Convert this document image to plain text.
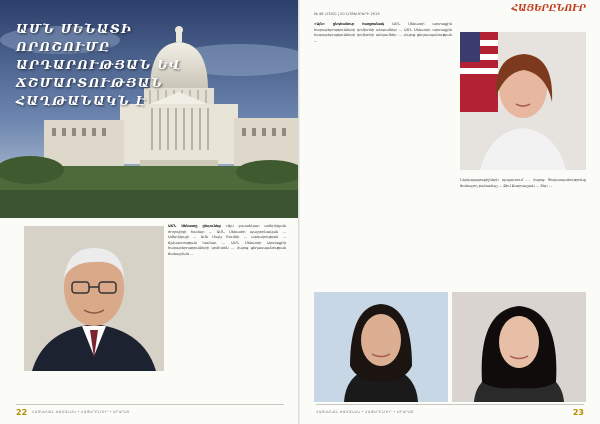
ԱՄՆ ՍԵՆԱՏԻ ՈՐՈՇՈՒՄԸ
ԱՐԴԱՐՈՒԹՅԱՆ ԵՎ
ՃՇՄԱՐՏՈՒԹՅԱՆ
ՀԱՂԹԱՆԱԿՆ Է
ԱՄՆ Սենատը ընդունեց «Այս լուսանկար ամերիկյան ժողովրդի համար ... ԱՄՆ Սենատի պաշտոնական ... Ամերիկայի ... Ամն Մայկ Ռումնի ... արդարության ... ճշմարտության համար ... ԱՄՆ Սենատի Արտաքին հարաբերությունների կոմիտեն ... Հայոց ցեղասպանության ճանաչման ...
22 ՀԱՅԿԱԿԱՆ ԺԱՄԱՆԱԿ • ՀԱՅԵՐԸՆՈՒՐ • ԱՐԱՐԱՏ
№ 46 (1302) | 20 ՆՈՅԵՄԲԵՐԻ 2015	ՀԱՅԵՐԸՆՈՒՐ
«Այն» ընդհանուր հաղթանակ ԱՄՆ Սենատի արտաքին հարաբերությունների կոմիտեի անդամներ ... ԱՄՆ Սենատի արտաքին հարաբերությունների կոմիտեի անդամներ ... Հայոց ցեղասպանության ...
Ներկայացուցիչների պալատում ... Հայոց Ցեղասպանությունը ճանաչող բանաձևը ... Քիմ Քարդաշյան ... Շեր ...
ՀԱՅԿԱԿԱՆ ԺԱՄԱՆԱԿ • ՀԱՅԵՐԸՆՈՒՐ • ԱՐԱՐԱՏ	23
